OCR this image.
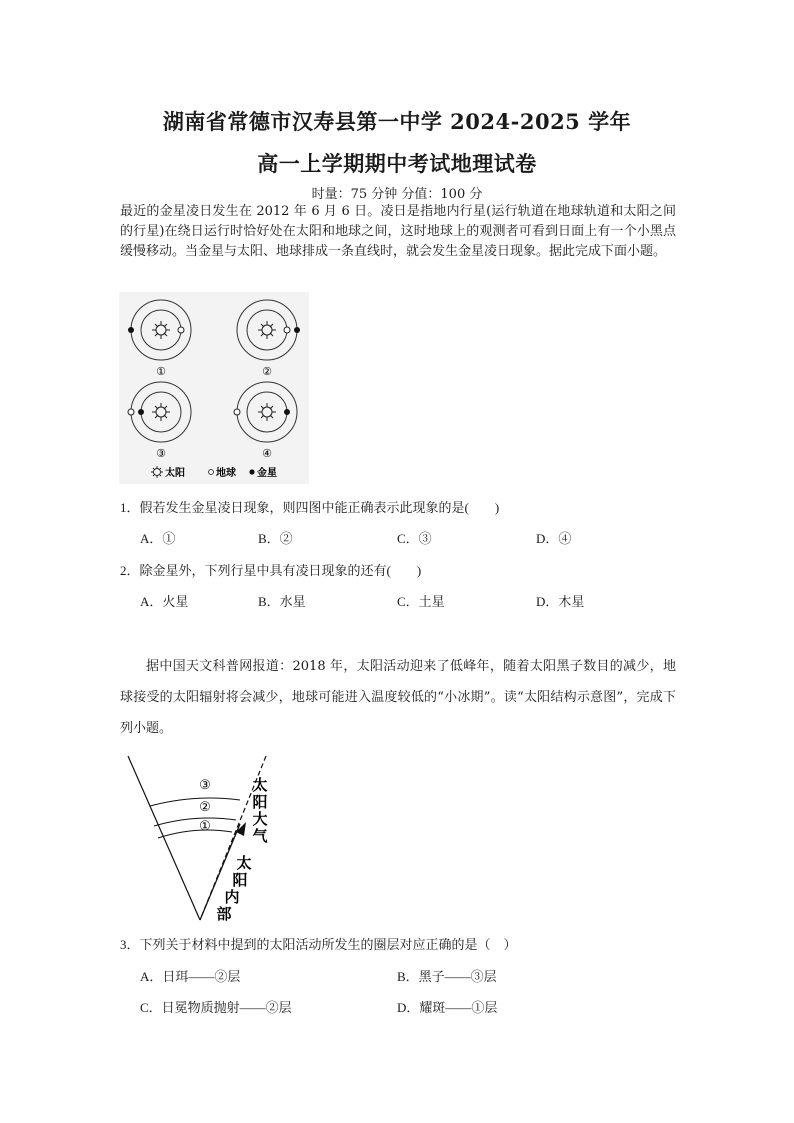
湖南省常德市汉寿县第一中学 2024-2025 学年
高一上学期期中考试地理试卷
时量：75 分钟 分值：100 分
最近的金星凌日发生在 2012 年 6 月 6 日。凌日是指地内行星(运行轨道在地球轨道和太阳之间的行星)在绕日运行时恰好处在太阳和地球之间，这时地球上的观测者可看到日面上有一个小黑点缓慢移动。当金星与太阳、地球排成一条直线时，就会发生金星凌日现象。据此完成下面小题。
①	②
③	④
太阳	地球 金星
1．假若发生金星凌日现象，则四图中能正确表示此现象的是(　　)
A．①	B．②	C．③	D．④
2．除金星外，下列行星中具有凌日现象的还有(　　)
A．火星	B．水星	C．土星	D．木星
据中国天文科普网报道：2018 年，太阳活动迎来了低峰年，随着太阳黑子数目的减少，地球接受的太阳辐射将会减少，地球可能进入温度较低的“小冰期”。读“太阳结构示意图”，完成下列小题。
③
②
①
太
阳
大
气
太
阳
内
部
3．下列关于材料中提到的太阳活动所发生的圈层对应正确的是（　）
A．日珥——②层	B．黑子——③层
C．日冕物质抛射——②层	D．耀斑——①层
